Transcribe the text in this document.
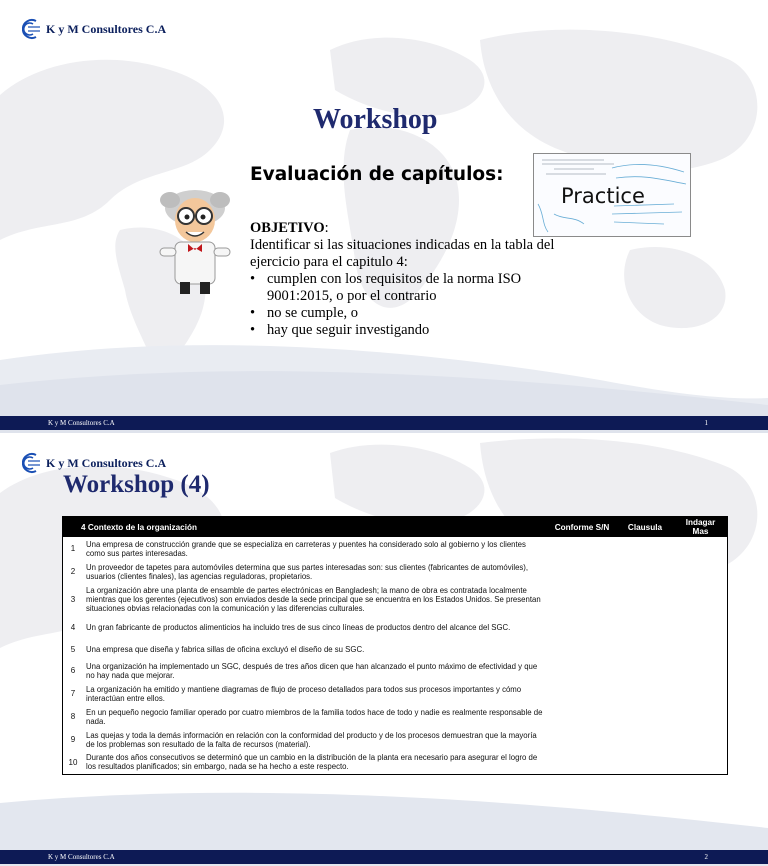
K y M Consultores C.A
Workshop
Evaluación de capítulos:
OBJETIVO:
Identificar si las situaciones indicadas en la tabla del ejercicio para el capitulo 4:
• cumplen con los requisitos de la norma ISO 9001:2015, o por el contrario
• no se cumple, o
• hay que seguir investigando
Practice
K y M Consultores C.A	1
K y M Consultores C.A
Workshop (4)
4 Contexto de la organización		Conforme S/N	Clausula	Indagar Mas
1	Una empresa de construcción grande que se especializa en carreteras y puentes ha considerado solo al gobierno y los clientes como sus partes interesadas.			
2	Un proveedor de tapetes para automóviles determina que sus partes interesadas son: sus clientes (fabricantes de automóviles), usuarios (clientes finales), las agencias reguladoras, propietarios.			
3	La organización abre una planta de ensamble de partes electrónicas en Bangladesh; la mano de obra es contratada localmente mientras que los gerentes (ejecutivos) son enviados desde la sede principal que se encuentra en los Estados Unidos. Se presentan situaciones obvias relacionadas con la comunicación y las diferencias culturales.			
4	Un gran fabricante de productos alimenticios ha incluido tres de sus cinco líneas de productos dentro del alcance del SGC.			
5	Una empresa que diseña y fabrica sillas de oficina excluyó el diseño de su SGC.			
6	Una organización ha implementado un SGC, después de tres años dicen que han alcanzado el punto máximo de efectividad y que no hay nada que mejorar.			
7	La organización ha emitido y mantiene diagramas de flujo de proceso detallados para todos sus procesos importantes y cómo interactúan entre ellos.			
8	En un pequeño negocio familiar operado por cuatro miembros de la familia todos hace de todo y nadie es realmente responsable de nada.			
9	Las quejas y toda la demás información en relación con la conformidad del producto y de los procesos demuestran que la mayoría de los problemas son resultado de la falta de recursos (material).			
10	Durante dos años consecutivos se determinó que un cambio en la distribución de la planta era necesario para asegurar el logro de los resultados planificados; sin embargo, nada se ha hecho a este respecto.			
K y M Consultores C.A	2
